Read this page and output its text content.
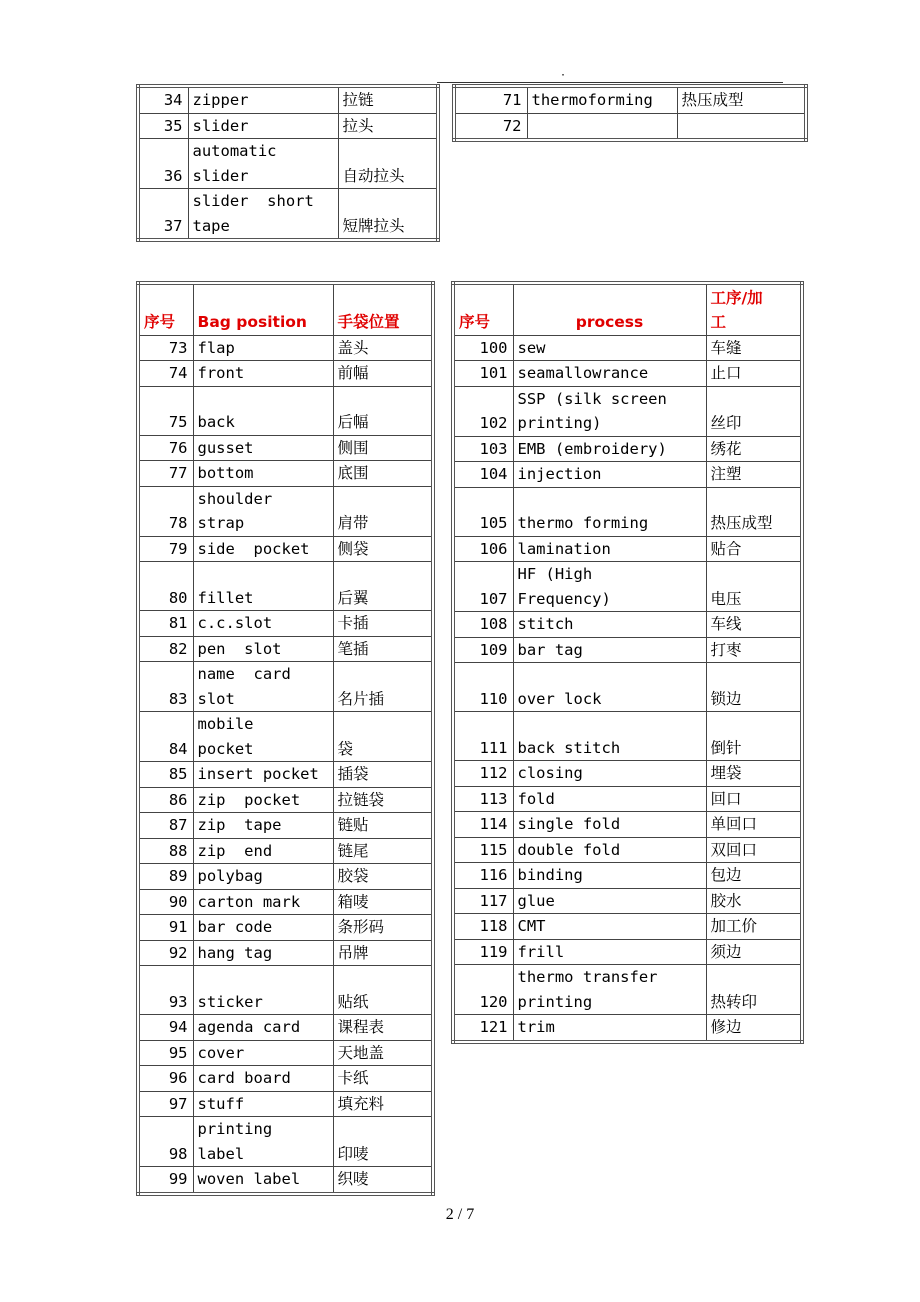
·
34	zipper	拉链
35	slider	拉头
36	automatic
slider	自动拉头
37	slider  short
tape	短牌拉头
71	thermoforming	热压成型
72		
序号	Bag position	手袋位置
73	flap	盖头
74	front	前幅
75	back	后幅
76	gusset	侧围
77	bottom	底围
78	shoulder
strap	肩带
79	side  pocket	侧袋
80	fillet	后翼
81	c.c.slot	卡插
82	pen  slot	笔插
83	name  card
slot	名片插
84	mobile
pocket	袋
85	insert pocket	插袋
86	zip  pocket	拉链袋
87	zip  tape	链贴
88	zip  end	链尾
89	polybag	胶袋
90	carton mark	箱唛
91	bar code	条形码
92	hang tag	吊牌
93	sticker	贴纸
94	agenda card	课程表
95	cover	天地盖
96	card board	卡纸
97	stuff	填充料
98	printing
label	印唛
99	woven label	织唛
序号	process	工序/加
工
100	sew	车缝
101	seamallowrance	止口
102	SSP (silk screen
printing)	丝印
103	EMB (embroidery)	绣花
104	injection	注塑
105	thermo forming	热压成型
106	lamination	贴合
107	HF (High
Frequency)	电压
108	stitch	车线
109	bar tag	打枣
110	over lock	锁边
111	back stitch	倒针
112	closing	埋袋
113	fold	回口
114	single fold	单回口
115	double fold	双回口
116	binding	包边
117	glue	胶水
118	CMT	加工价
119	frill	须边
120	thermo transfer
printing	热转印
121	trim	修边
2 / 7
